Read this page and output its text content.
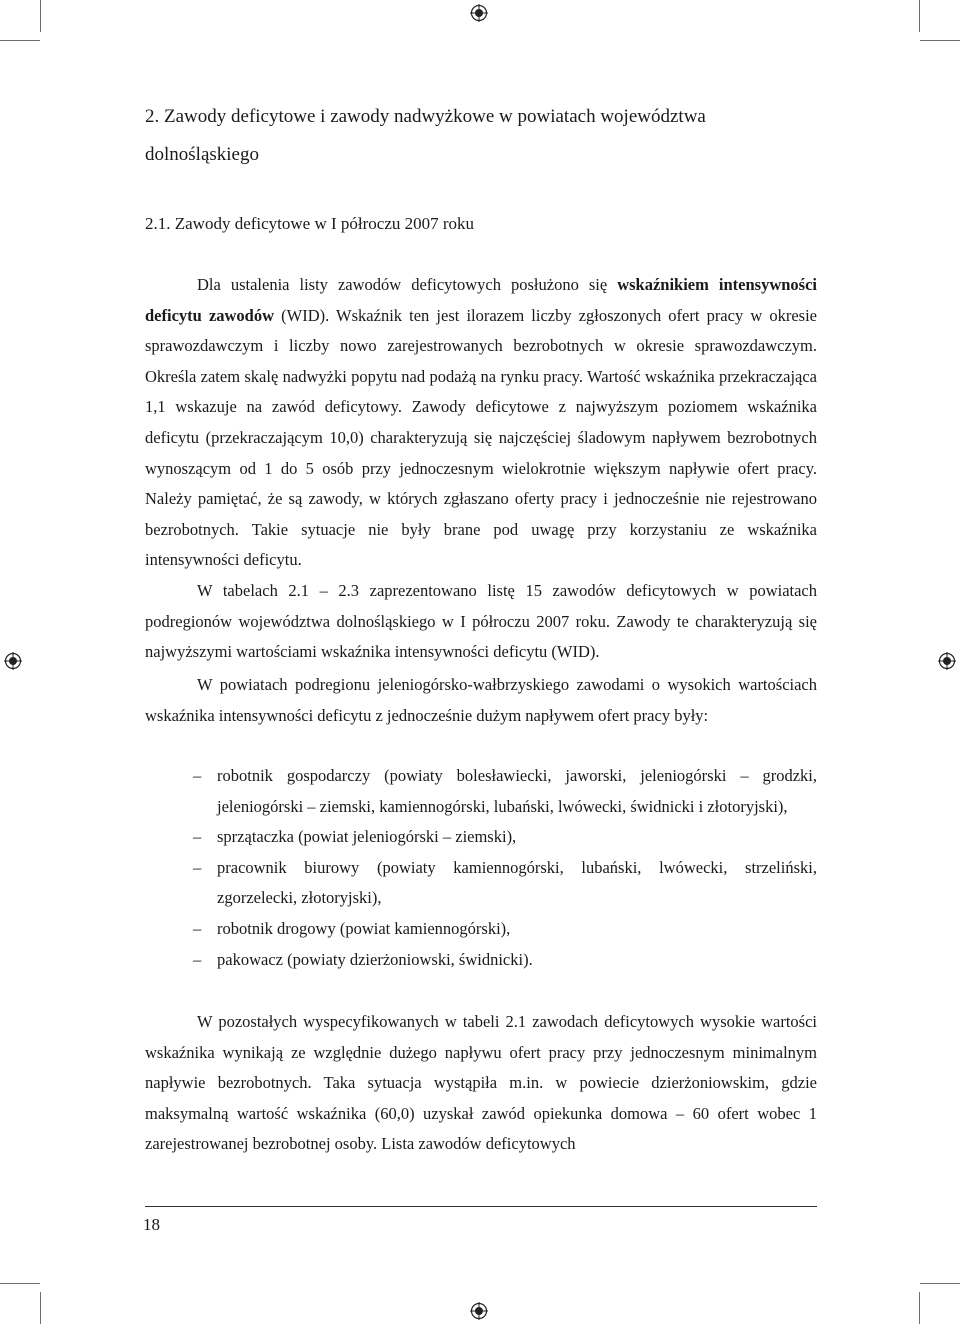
2. Zawody deficytowe i zawody nadwyżkowe w powiatach województwa
dolnośląskiego
2.1. Zawody deficytowe w I półroczu 2007 roku

Dla ustalenia listy zawodów deficytowych posłużono się wskaźnikiem intensywności deficytu zawodów (WID). Wskaźnik ten jest ilorazem liczby zgłoszonych ofert pracy w okresie sprawozdawczym i liczby nowo zarejestrowanych bezrobotnych w okresie sprawozdawczym. Określa zatem skalę nadwyżki popytu nad podażą na rynku pracy. Wartość wskaźnika przekraczająca 1,1 wskazuje na zawód deficytowy. Zawody deficytowe z najwyższym poziomem wskaźnika deficytu (przekraczającym 10,0) charakteryzują się najczęściej śladowym napływem bezrobotnych wynoszącym od 1 do 5 osób przy jednoczesnym wielokrotnie większym napływie ofert pracy. Należy pamiętać, że są zawody, w których zgłaszano oferty pracy i jednocześnie nie rejestrowano bezrobotnych. Takie sytuacje nie były brane pod uwagę przy korzystaniu ze wskaźnika intensywności deficytu.

W tabelach 2.1 – 2.3 zaprezentowano listę 15 zawodów deficytowych w powiatach podregionów województwa dolnośląskiego w I półroczu 2007 roku. Zawody te charakteryzują się najwyższymi wartościami wskaźnika intensywności deficytu (WID).

W powiatach podregionu jeleniogórsko-wałbrzyskiego zawodami o wysokich wartościach wskaźnika intensywności deficytu z jednocześnie dużym napływem ofert pracy były:

– robotnik gospodarczy (powiaty bolesławiecki, jaworski, jeleniogórski – grodzki, jeleniogórski – ziemski, kamiennogórski, lubański, lwówecki, świdnicki i złotoryjski),
– sprzątaczka (powiat jeleniogórski – ziemski),
– pracownik biurowy (powiaty kamiennogórski, lubański, lwówecki, strzeliński, zgorzelecki, złotoryjski),
– robotnik drogowy (powiat kamiennogórski),
– pakowacz (powiaty dzierżoniowski, świdnicki).

W pozostałych wyspecyfikowanych w tabeli 2.1 zawodach deficytowych wysokie wartości wskaźnika wynikają ze względnie dużego napływu ofert pracy przy jednoczesnym minimalnym napływie bezrobotnych. Taka sytuacja wystąpiła m.in. w powiecie dzierżoniowskim, gdzie maksymalną wartość wskaźnika (60,0) uzyskał zawód opiekunka domowa – 60 ofert wobec 1 zarejestrowanej bezrobotnej osoby. Lista zawodów deficytowych

18
